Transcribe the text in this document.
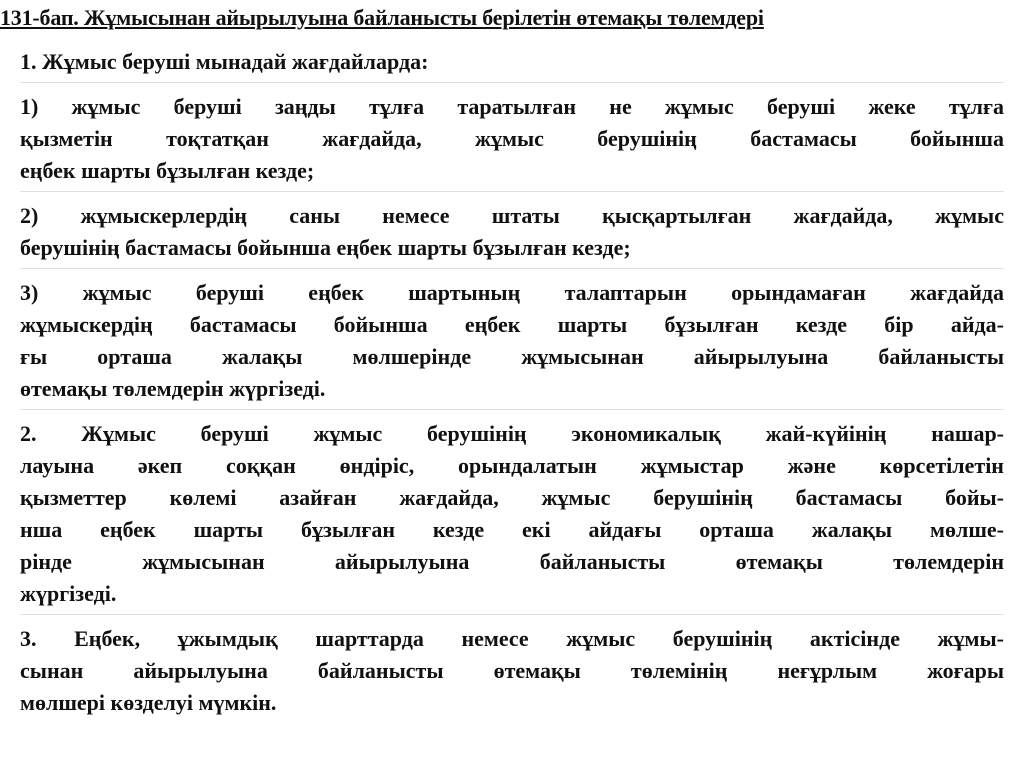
131-бап. Жұмысынан айырылуына байланысты берілетін өтемақы төлемдері

1. Жұмыс беруші мынадай жағдайларда:

1) жұмыс беруші заңды тұлға таратылған не жұмыс беруші жеке тұлға
қызметін тоқтатқан жағдайда, жұмыс берушінің бастамасы бойынша
еңбек шарты бұзылған кезде;

2) жұмыскерлердің саны немесе штаты қысқартылған жағдайда, жұмыс
берушінің бастамасы бойынша еңбек шарты бұзылған кезде;

3) жұмыс беруші еңбек шартының талаптарын орындамаған жағдайда
жұмыскердің бастамасы бойынша еңбек шарты бұзылған кезде бір айда-
ғы орташа жалақы мөлшерінде жұмысынан айырылуына байланысты
өтемақы төлемдерін жүргізеді.

2. Жұмыс беруші жұмыс берушінің экономикалық жай-күйінің нашар-
лауына әкеп соққан өндіріс, орындалатын жұмыстар және көрсетілетін
қызметтер көлемі азайған жағдайда, жұмыс берушінің бастамасы бойы-
нша еңбек шарты бұзылған кезде екі айдағы орташа жалақы мөлше-
рінде жұмысынан айырылуына байланысты өтемақы төлемдерін
жүргізеді.

3. Еңбек, ұжымдық шарттарда немесе жұмыс берушінің актісінде жұмы-
сынан айырылуына байланысты өтемақы төлемінің неғұрлым жоғары
мөлшері көзделуі мүмкін.
